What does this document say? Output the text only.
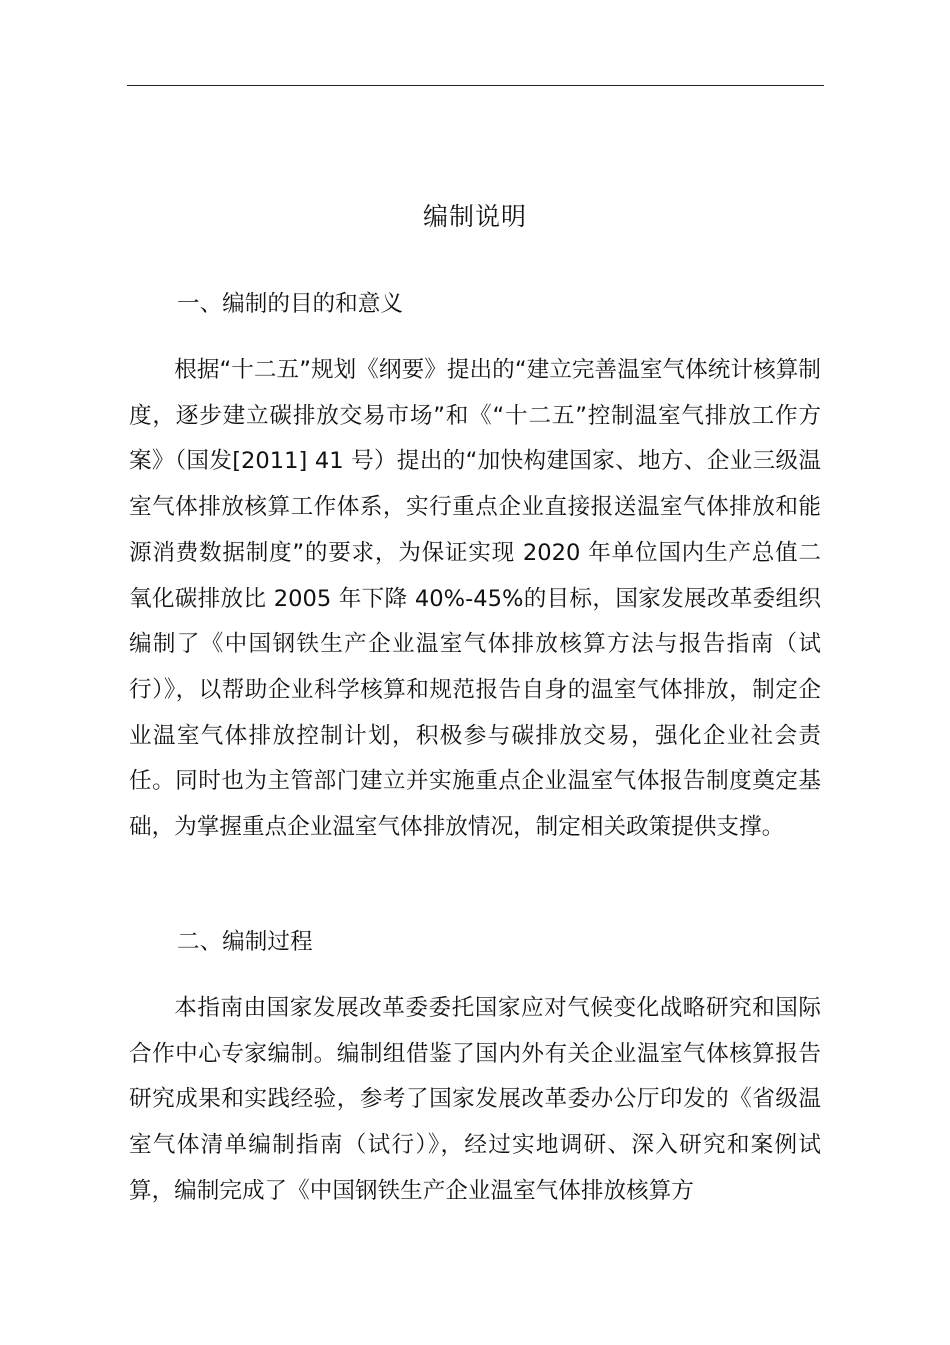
编制说明
一、编制的目的和意义
根据“十二五”规划《纲要》提出的“建立完善温室气体统计核算制度，逐步建立碳排放交易市场”和《“十二五”控制温室气排放工作方案》（国发[2011] 41 号）提出的“加快构建国家、地方、企业三级温室气体排放核算工作体系，实行重点企业直接报送温室气体排放和能源消费数据制度”的要求，为保证实现 2020 年单位国内生产总值二氧化碳排放比 2005 年下降 40%-45%的目标，国家发展改革委组织编制了《中国钢铁生产企业温室气体排放核算方法与报告指南（试行）》，以帮助企业科学核算和规范报告自身的温室气体排放，制定企业温室气体排放控制计划，积极参与碳排放交易，强化企业社会责任。同时也为主管部门建立并实施重点企业温室气体报告制度奠定基础，为掌握重点企业温室气体排放情况，制定相关政策提供支撑。
二、编制过程
本指南由国家发展改革委委托国家应对气候变化战略研究和国际合作中心专家编制。编制组借鉴了国内外有关企业温室气体核算报告研究成果和实践经验，参考了国家发展改革委办公厅印发的《省级温室气体清单编制指南（试行）》，经过实地调研、深入研究和案例试算，编制完成了《中国钢铁生产企业温室气体排放核算方
